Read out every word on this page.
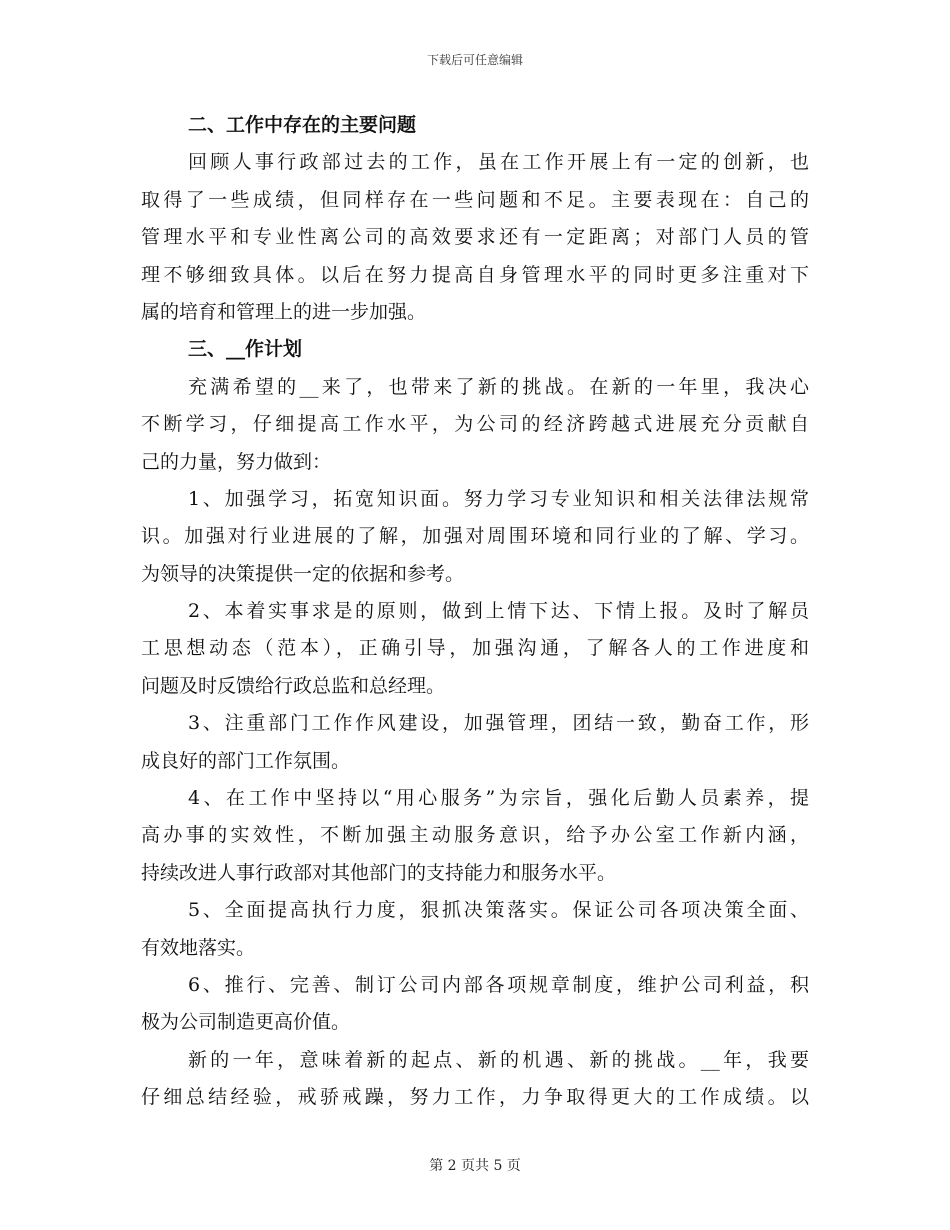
下载后可任意编辑
二、工作中存在的主要问题
回顾人事行政部过去的工作，虽在工作开展上有一定的创新，也
取得了一些成绩，但同样存在一些问题和不足。主要表现在：自己的
管理水平和专业性离公司的高效要求还有一定距离；对部门人员的管
理不够细致具体。以后在努力提高自身管理水平的同时更多注重对下
属的培育和管理上的进一步加强。
三、__作计划
充满希望的__来了，也带来了新的挑战。在新的一年里，我决心
不断学习，仔细提高工作水平，为公司的经济跨越式进展充分贡献自
己的力量，努力做到：
1、加强学习，拓宽知识面。努力学习专业知识和相关法律法规常
识。加强对行业进展的了解，加强对周围环境和同行业的了解、学习。
为领导的决策提供一定的依据和参考。
2、本着实事求是的原则，做到上情下达、下情上报。及时了解员
工思想动态（范本），正确引导，加强沟通，了解各人的工作进度和
问题及时反馈给行政总监和总经理。
3、注重部门工作作风建设，加强管理，团结一致，勤奋工作，形
成良好的部门工作氛围。
4、在工作中坚持以“用心服务”为宗旨，强化后勤人员素养，提
高办事的实效性，不断加强主动服务意识，给予办公室工作新内涵，
持续改进人事行政部对其他部门的支持能力和服务水平。
5、全面提高执行力度，狠抓决策落实。保证公司各项决策全面、
有效地落实。
6、推行、完善、制订公司内部各项规章制度，维护公司利益，积
极为公司制造更高价值。
新的一年，意味着新的起点、新的机遇、新的挑战。__年，我要
仔细总结经验，戒骄戒躁，努力工作，力争取得更大的工作成绩。以
第 2 页共 5 页
